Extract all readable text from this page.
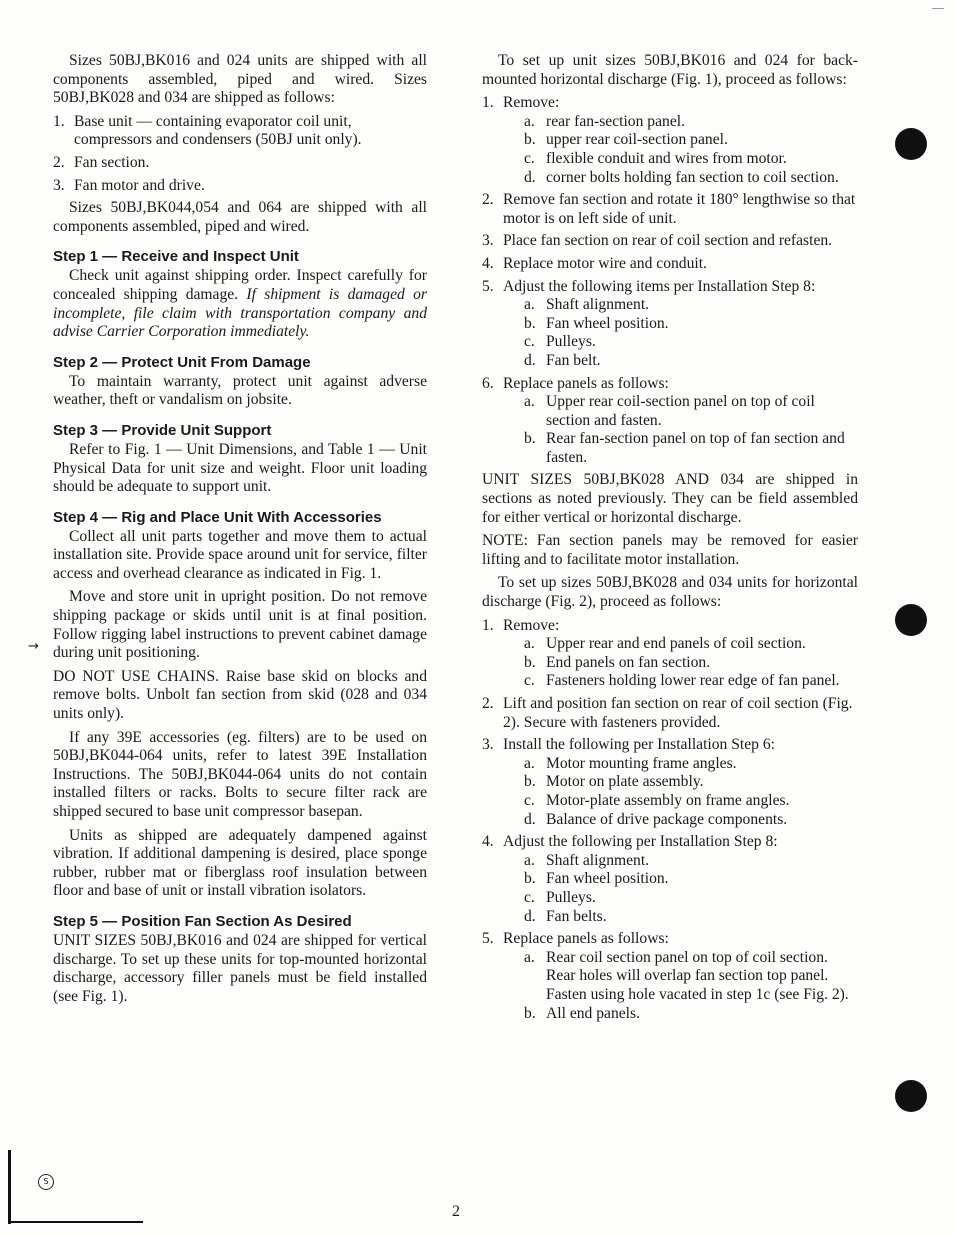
Sizes 50BJ,BK016 and 024 units are shipped with all components assembled, piped and wired. Sizes 50BJ,BK028 and 034 are shipped as follows:

1. Base unit — containing evaporator coil unit, compressors and condensers (50BJ unit only).
2. Fan section.
3. Fan motor and drive.

Sizes 50BJ,BK044,054 and 064 are shipped with all components assembled, piped and wired.

Step 1 — Receive and Inspect Unit

Check unit against shipping order. Inspect carefully for concealed shipping damage. If shipment is damaged or incomplete, file claim with transportation company and advise Carrier Corporation immediately.

Step 2 — Protect Unit From Damage

To maintain warranty, protect unit against adverse weather, theft or vandalism on jobsite.

Step 3 — Provide Unit Support

Refer to Fig. 1 — Unit Dimensions, and Table 1 — Unit Physical Data for unit size and weight. Floor unit loading should be adequate to support unit.

Step 4 — Rig and Place Unit With Accessories

Collect all unit parts together and move them to actual installation site. Provide space around unit for service, filter access and overhead clearance as indicated in Fig. 1.

Move and store unit in upright position. Do not remove shipping package or skids until unit is at final position. Follow rigging label instructions to prevent cabinet damage during unit positioning.

DO NOT USE CHAINS. Raise base skid on blocks and remove bolts. Unbolt fan section from skid (028 and 034 units only).

If any 39E accessories (eg. filters) are to be used on 50BJ,BK044-064 units, refer to latest 39E Installation Instructions. The 50BJ,BK044-064 units do not contain installed filters or racks. Bolts to secure filter rack are shipped secured to base unit compressor basepan.

Units as shipped are adequately dampened against vibration. If additional dampening is desired, place sponge rubber, rubber mat or fiberglass roof insulation between floor and base of unit or install vibration isolators.

Step 5 — Position Fan Section As Desired

UNIT SIZES 50BJ,BK016 and 024 are shipped for vertical discharge. To set up these units for top-mounted horizontal discharge, accessory filler panels must be field installed (see Fig. 1).

To set up unit sizes 50BJ,BK016 and 024 for back-mounted horizontal discharge (Fig. 1), proceed as follows:

1. Remove:
a. rear fan-section panel.
b. upper rear coil-section panel.
c. flexible conduit and wires from motor.
d. corner bolts holding fan section to coil section.
2. Remove fan section and rotate it 180° lengthwise so that motor is on left side of unit.
3. Place fan section on rear of coil section and refasten.
4. Replace motor wire and conduit.
5. Adjust the following items per Installation Step 8:
a. Shaft alignment.
b. Fan wheel position.
c. Pulleys.
d. Fan belt.
6. Replace panels as follows:
a. Upper rear coil-section panel on top of coil section and fasten.
b. Rear fan-section panel on top of fan section and fasten.

UNIT SIZES 50BJ,BK028 AND 034 are shipped in sections as noted previously. They can be field assembled for either vertical or horizontal discharge.

NOTE: Fan section panels may be removed for easier lifting and to facilitate motor installation.

To set up sizes 50BJ,BK028 and 034 units for horizontal discharge (Fig. 2), proceed as follows:

1. Remove:
a. Upper rear and end panels of coil section.
b. End panels on fan section.
c. Fasteners holding lower rear edge of fan panel.
2. Lift and position fan section on rear of coil section (Fig. 2). Secure with fasteners provided.
3. Install the following per Installation Step 6:
a. Motor mounting frame angles.
b. Motor on plate assembly.
c. Motor-plate assembly on frame angles.
d. Balance of drive package components.
4. Adjust the following per Installation Step 8:
a. Shaft alignment.
b. Fan wheel position.
c. Pulleys.
d. Fan belts.
5. Replace panels as follows:
a. Rear coil section panel on top of coil section. Rear holes will overlap fan section top panel. Fasten using hole vacated in step 1c (see Fig. 2).
b. All end panels.
→
S
2
